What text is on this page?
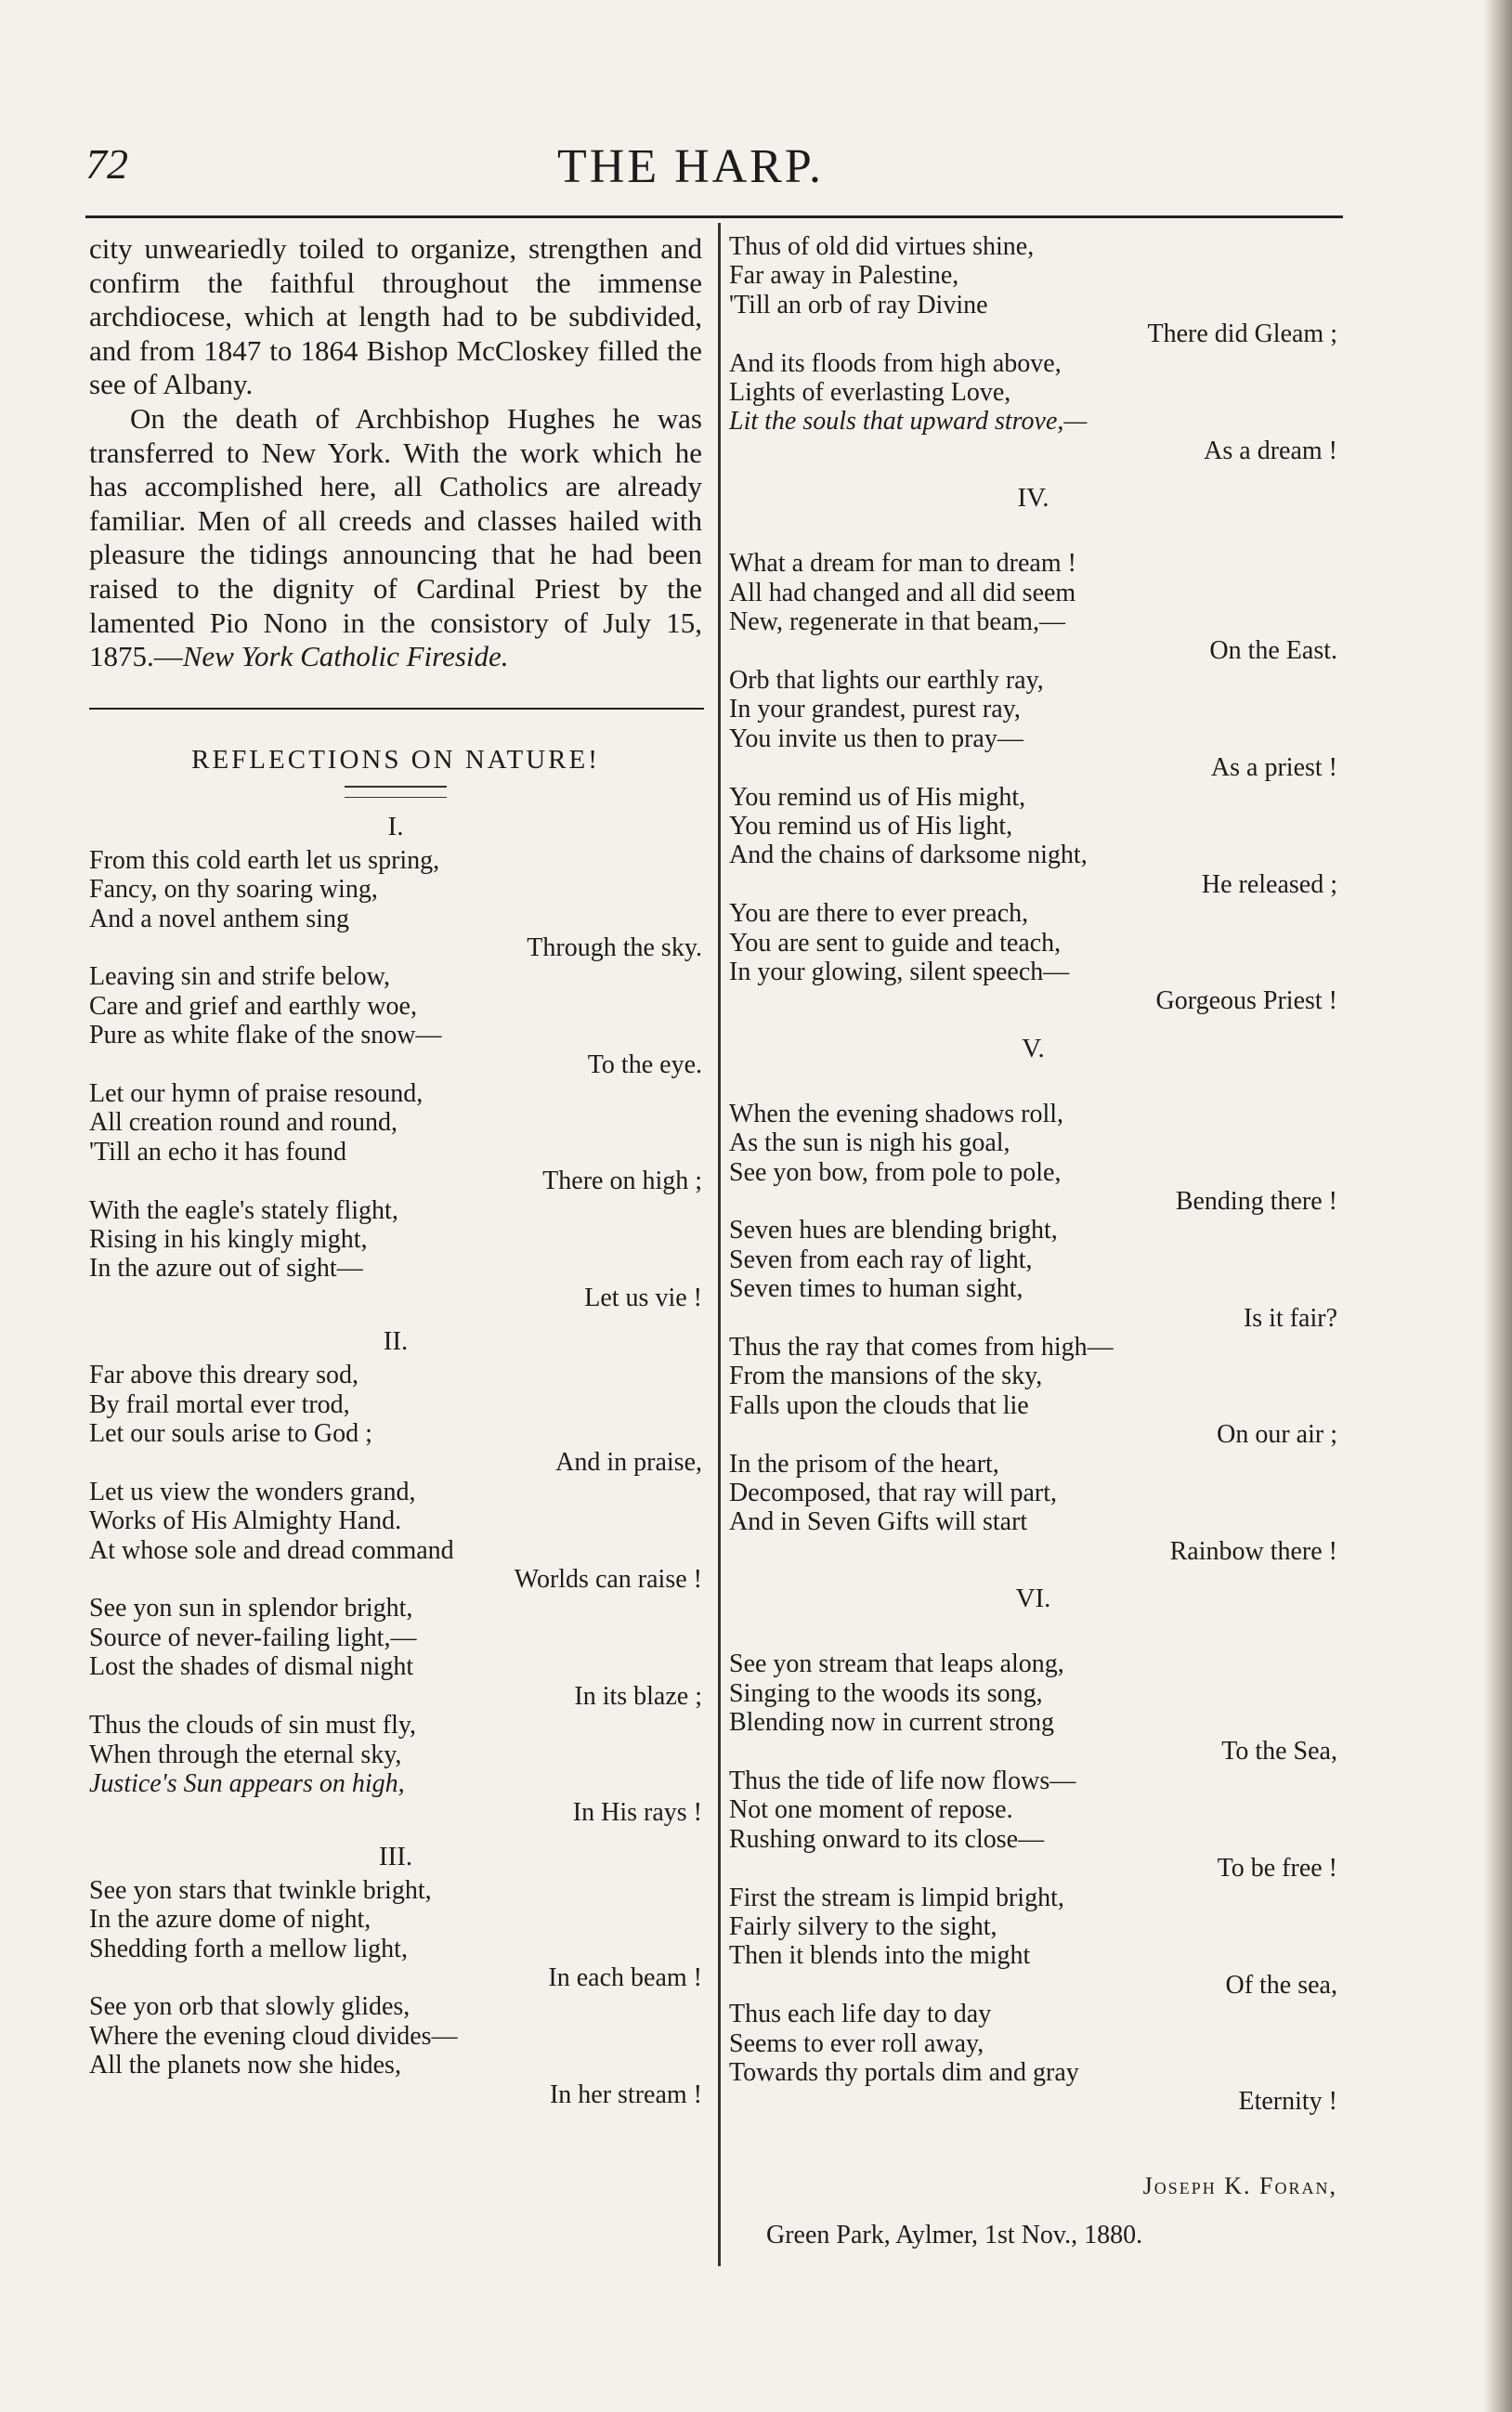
72	THE HARP.

city unweariedly toiled to organize, strengthen and confirm the faithful throughout the immense archdiocese, which at length had to be subdivided, and from 1847 to 1864 Bishop McCloskey filled the see of Albany.

On the death of Archbishop Hughes he was transferred to New York. With the work which he has accomplished here, all Catholics are already familiar. Men of all creeds and classes hailed with pleasure the tidings announcing that he had been raised to the dignity of Cardinal Priest by the lamented Pio Nono in the consistory of July 15, 1875.—New York Catholic Fireside.

REFLECTIONS ON NATURE!
I.
From this cold earth let us spring,
Fancy, on thy soaring wing,
And a novel anthem sing
Through the sky.
Leaving sin and strife below,
Care and grief and earthly woe,
Pure as white flake of the snow—
To the eye.
Let our hymn of praise resound,
All creation round and round,
'Till an echo it has found
There on high ;
With the eagle's stately flight,
Rising in his kingly might,
In the azure out of sight—
Let us vie !
II.
Far above this dreary sod,
By frail mortal ever trod,
Let our souls arise to God ;
And in praise,
Let us view the wonders grand,
Works of His Almighty Hand.
At whose sole and dread command
Worlds can raise !
See yon sun in splendor bright,
Source of never-failing light,—
Lost the shades of dismal night
In its blaze ;
Thus the clouds of sin must fly,
When through the eternal sky,
Justice's Sun appears on high,
In His rays !
III.
See yon stars that twinkle bright,
In the azure dome of night,
Shedding forth a mellow light,
In each beam !
See yon orb that slowly glides,
Where the evening cloud divides—
All the planets now she hides,
In her stream !
Thus of old did virtues shine,
Far away in Palestine,
'Till an orb of ray Divine
There did Gleam ;
And its floods from high above,
Lights of everlasting Love,
Lit the souls that upward strove,—
As a dream !
IV.
What a dream for man to dream !
All had changed and all did seem
New, regenerate in that beam,—
On the East.
Orb that lights our earthly ray,
In your grandest, purest ray,
You invite us then to pray—
As a priest !
You remind us of His might,
You remind us of His light,
And the chains of darksome night,
He released ;
You are there to ever preach,
You are sent to guide and teach,
In your glowing, silent speech—
Gorgeous Priest !
V.
When the evening shadows roll,
As the sun is nigh his goal,
See yon bow, from pole to pole,
Bending there !
Seven hues are blending bright,
Seven from each ray of light,
Seven times to human sight,
Is it fair?
Thus the ray that comes from high—
From the mansions of the sky,
Falls upon the clouds that lie
On our air ;
In the prisom of the heart,
Decomposed, that ray will part,
And in Seven Gifts will start
Rainbow there !
VI.
See yon stream that leaps along,
Singing to the woods its song,
Blending now in current strong
To the Sea,
Thus the tide of life now flows—
Not one moment of repose.
Rushing onward to its close—
To be free !
First the stream is limpid bright,
Fairly silvery to the sight,
Then it blends into the might
Of the sea,
Thus each life day to day
Seems to ever roll away,
Towards thy portals dim and gray
Eternity !
Joseph K. Foran,
Green Park, Aylmer, 1st Nov., 1880.
